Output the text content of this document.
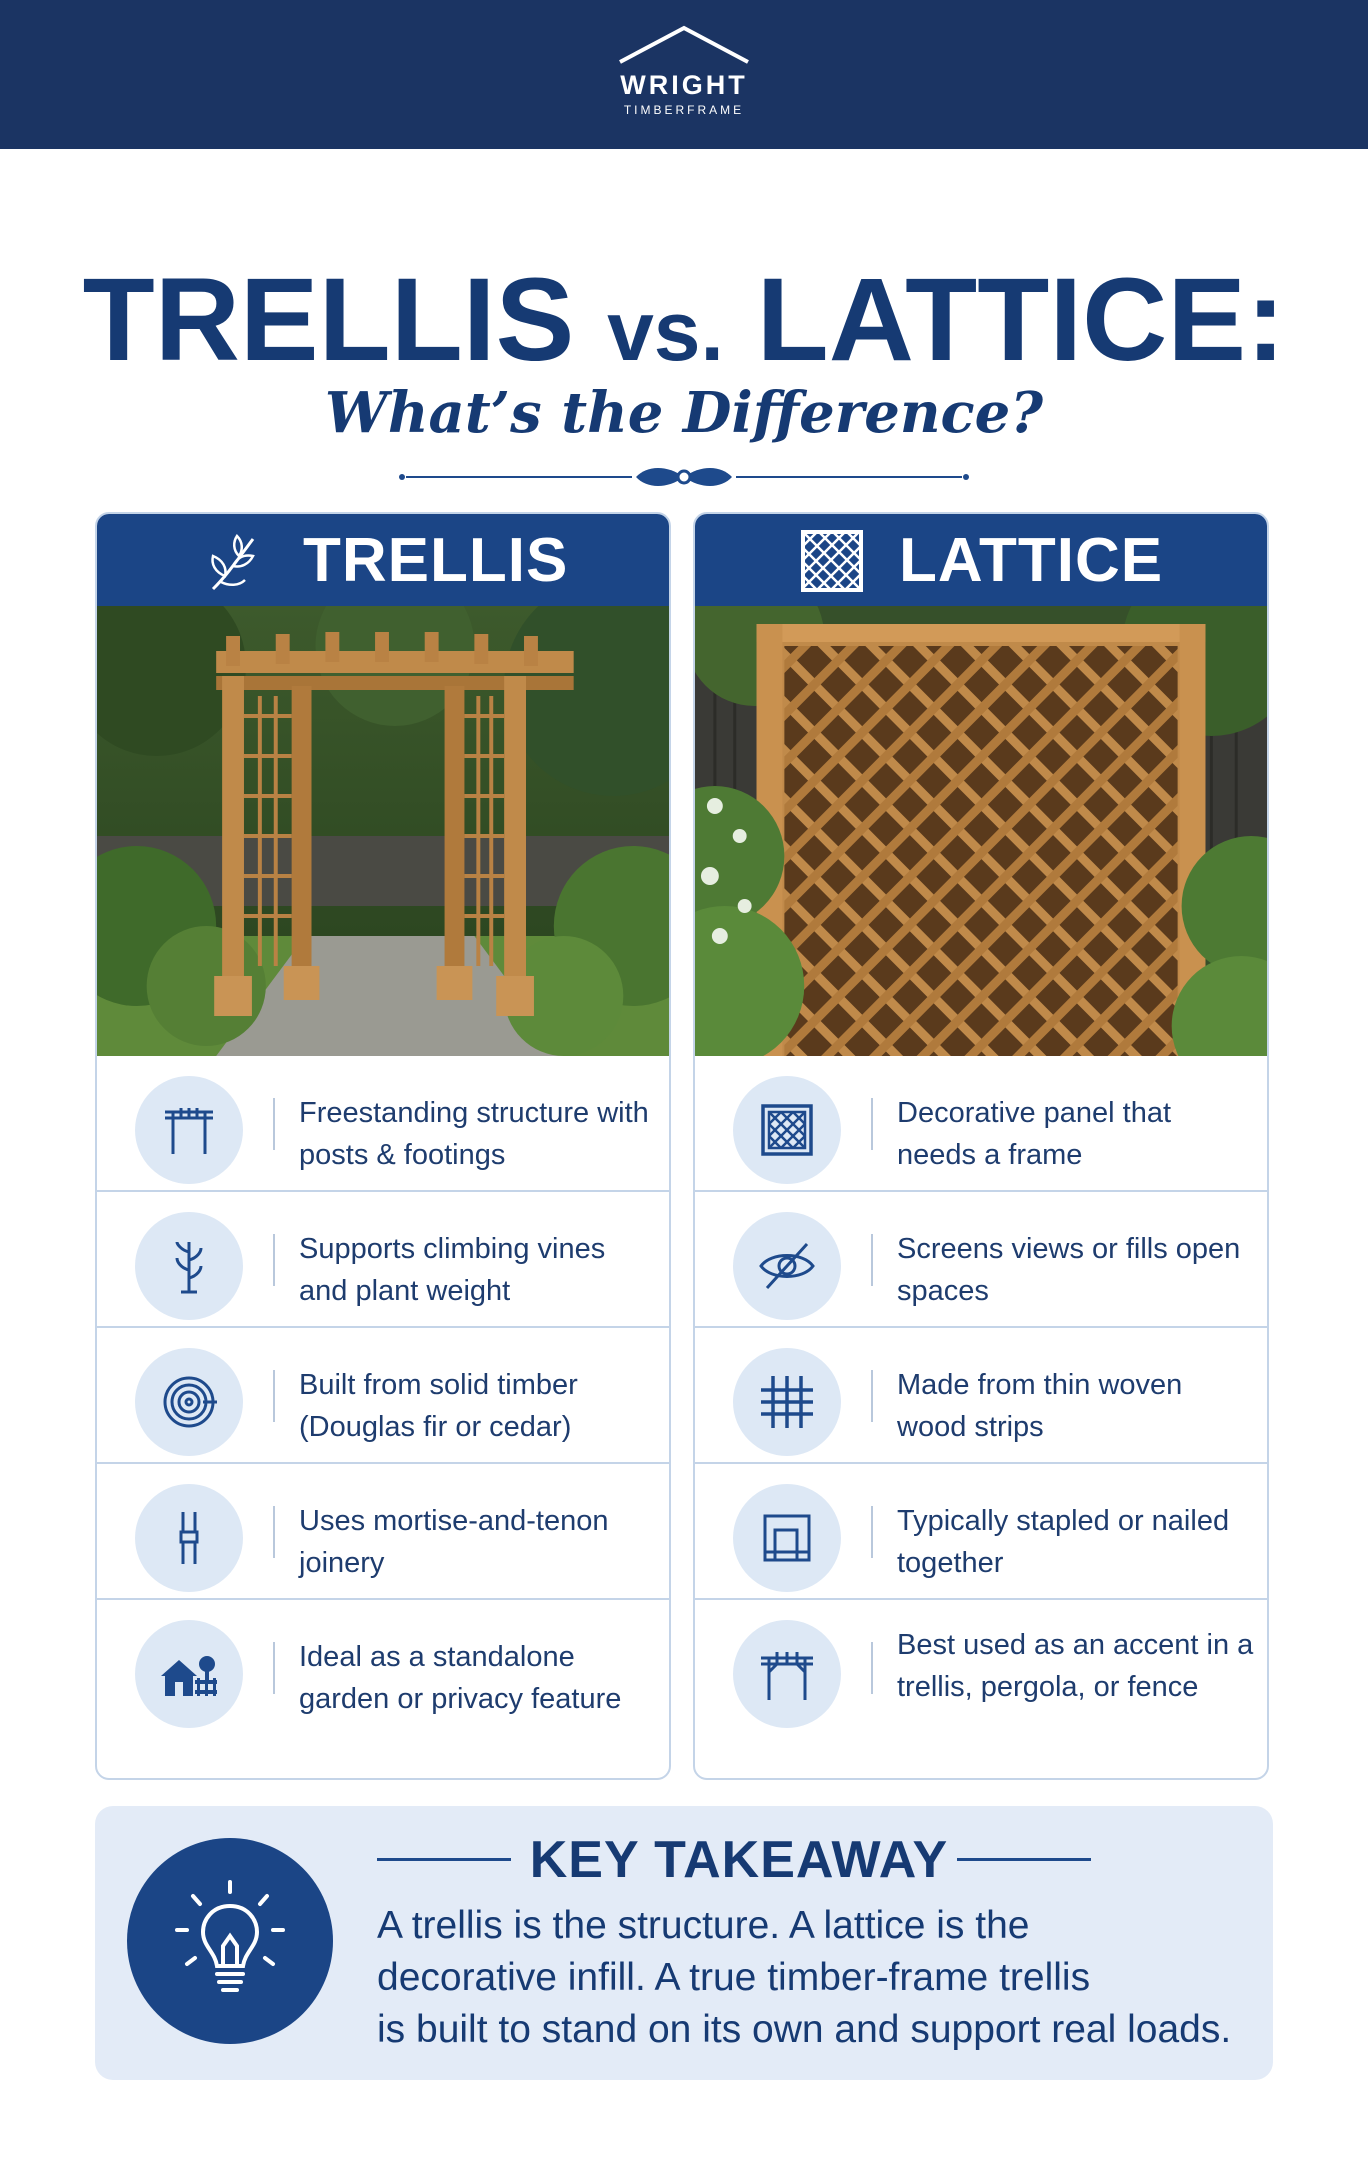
WRIGHT
TIMBERFRAME
TRELLIS vs. LATTICE:
What’s the Difference?
TRELLIS
Freestanding structure with posts & footings
Supports climbing vines and plant weight
Built from solid timber (Douglas fir or cedar)
Uses mortise-and-tenon joinery
Ideal as a standalone garden or privacy feature
LATTICE
Decorative panel that needs a frame
Screens views or fills open spaces
Made from thin woven wood strips
Typically stapled or nailed together
Best used as an accent in a trellis, pergola, or fence
KEY TAKEAWAY
A trellis is the structure. A lattice is the
decorative infill. A true timber-frame trellis
is built to stand on its own and support real loads.
